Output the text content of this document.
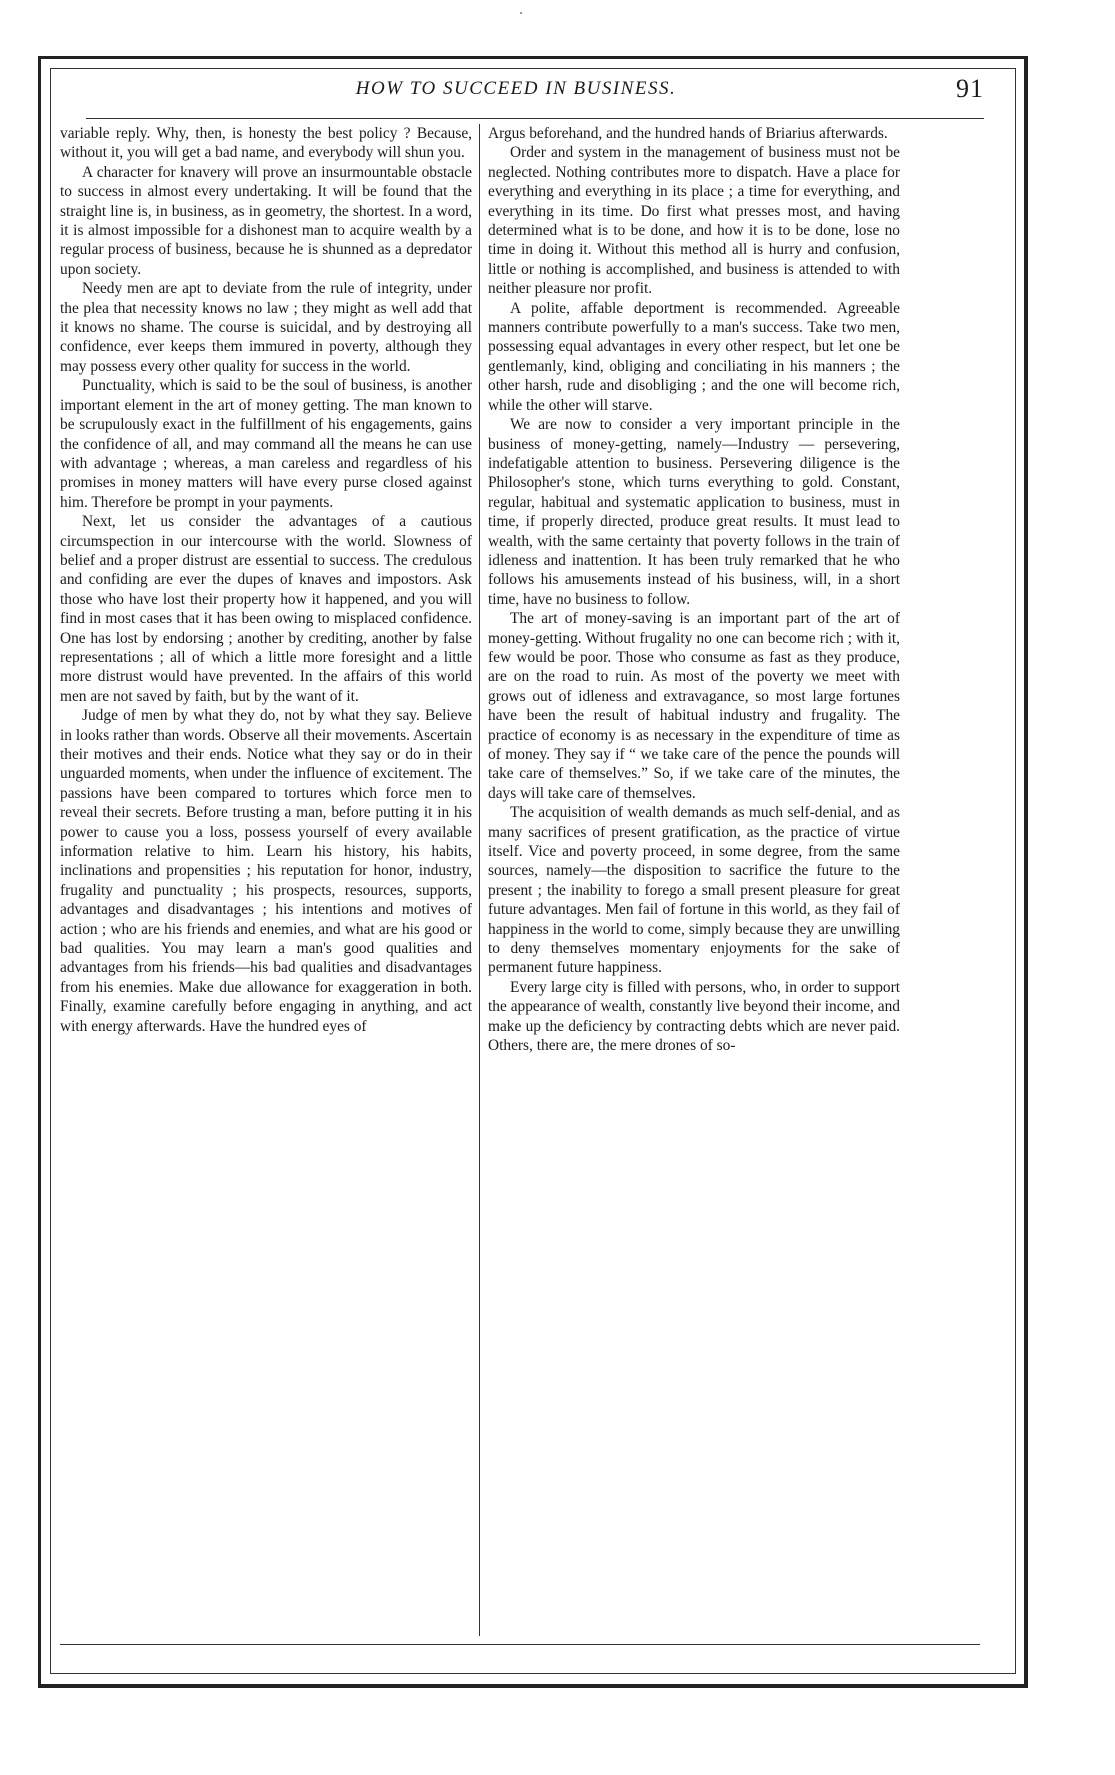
HOW TO SUCCEED IN BUSINESS.	91

variable reply. Why, then, is honesty the best policy ? Because, without it, you will get a bad name, and everybody will shun you.

A character for knavery will prove an insurmountable obstacle to success in almost every undertaking. It will be found that the straight line is, in business, as in geometry, the shortest. In a word, it is almost impossible for a dishonest man to acquire wealth by a regular process of business, because he is shunned as a depredator upon society.

Needy men are apt to deviate from the rule of integrity, under the plea that necessity knows no law ; they might as well add that it knows no shame. The course is suicidal, and by destroying all confidence, ever keeps them immured in poverty, although they may possess every other quality for success in the world.

Punctuality, which is said to be the soul of business, is another important element in the art of money getting. The man known to be scrupulously exact in the fulfillment of his engagements, gains the confidence of all, and may command all the means he can use with advantage ; whereas, a man careless and regardless of his promises in money matters will have every purse closed against him. Therefore be prompt in your payments.

Next, let us consider the advantages of a cautious circumspection in our intercourse with the world. Slowness of belief and a proper distrust are essential to success. The credulous and confiding are ever the dupes of knaves and impostors. Ask those who have lost their property how it happened, and you will find in most cases that it has been owing to misplaced confidence. One has lost by endorsing ; another by crediting, another by false representations ; all of which a little more foresight and a little more distrust would have prevented. In the affairs of this world men are not saved by faith, but by the want of it.

Judge of men by what they do, not by what they say. Believe in looks rather than words. Observe all their movements. Ascertain their motives and their ends. Notice what they say or do in their unguarded moments, when under the influence of excitement. The passions have been compared to tortures which force men to reveal their secrets. Before trusting a man, before putting it in his power to cause you a loss, possess yourself of every available information relative to him. Learn his history, his habits, inclinations and propensities ; his reputation for honor, industry, frugality and punctuality ; his prospects, resources, supports, advantages and disadvantages ; his intentions and motives of action ; who are his friends and enemies, and what are his good or bad qualities. You may learn a man's good qualities and advantages from his friends—his bad qualities and disadvantages from his enemies. Make due allowance for exaggeration in both. Finally, examine carefully before engaging in anything, and act with energy afterwards. Have the hundred eyes of

Argus beforehand, and the hundred hands of Briarius afterwards.

Order and system in the management of business must not be neglected. Nothing contributes more to dispatch. Have a place for everything and everything in its place ; a time for everything, and everything in its time. Do first what presses most, and having determined what is to be done, and how it is to be done, lose no time in doing it. Without this method all is hurry and confusion, little or nothing is accomplished, and business is attended to with neither pleasure nor profit.

A polite, affable deportment is recommended. Agreeable manners contribute powerfully to a man's success. Take two men, possessing equal advantages in every other respect, but let one be gentlemanly, kind, obliging and conciliating in his manners ; the other harsh, rude and disobliging ; and the one will become rich, while the other will starve.

We are now to consider a very important principle in the business of money-getting, namely—Industry — persevering, indefatigable attention to business. Persevering diligence is the Philosopher's stone, which turns everything to gold. Constant, regular, habitual and systematic application to business, must in time, if properly directed, produce great results. It must lead to wealth, with the same certainty that poverty follows in the train of idleness and inattention. It has been truly remarked that he who follows his amusements instead of his business, will, in a short time, have no business to follow.

The art of money-saving is an important part of the art of money-getting. Without frugality no one can become rich ; with it, few would be poor. Those who consume as fast as they produce, are on the road to ruin. As most of the poverty we meet with grows out of idleness and extravagance, so most large fortunes have been the result of habitual industry and frugality. The practice of economy is as necessary in the expenditure of time as of money. They say if “ we take care of the pence the pounds will take care of themselves.” So, if we take care of the minutes, the days will take care of themselves.

The acquisition of wealth demands as much self-denial, and as many sacrifices of present gratification, as the practice of virtue itself. Vice and poverty proceed, in some degree, from the same sources, namely—the disposition to sacrifice the future to the present ; the inability to forego a small present pleasure for great future advantages. Men fail of fortune in this world, as they fail of happiness in the world to come, simply because they are unwilling to deny themselves momentary enjoyments for the sake of permanent future happiness.

Every large city is filled with persons, who, in order to support the appearance of wealth, constantly live beyond their income, and make up the deficiency by contracting debts which are never paid. Others, there are, the mere drones of so-
